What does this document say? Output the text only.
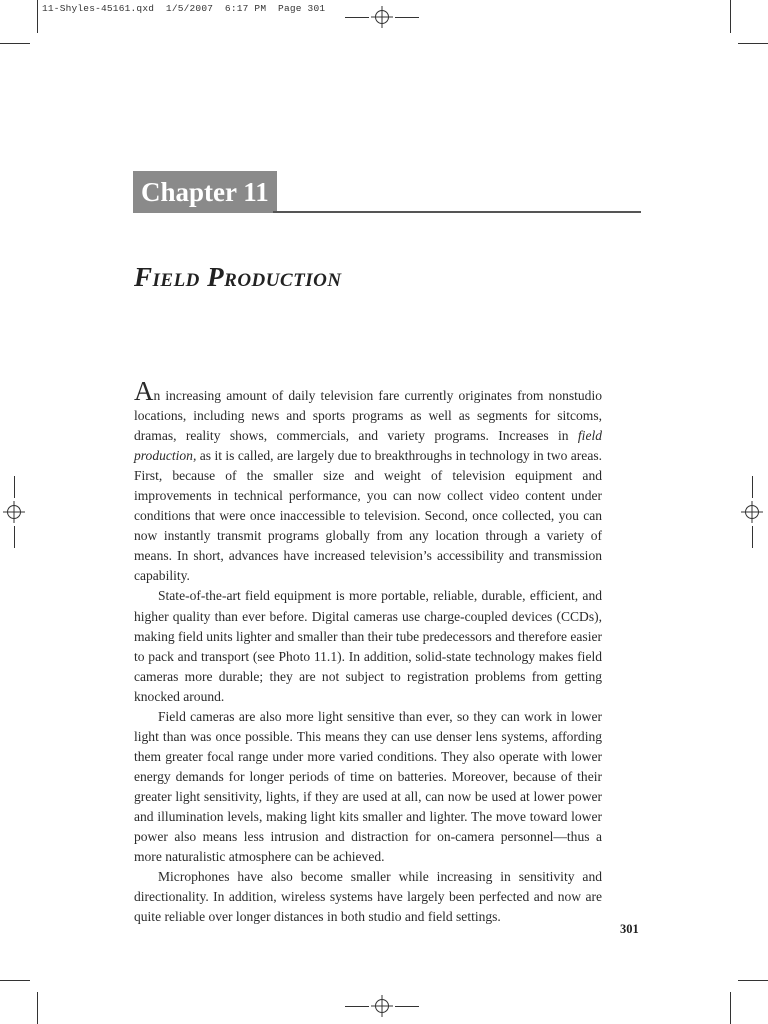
11-Shyles-45161.qxd  1/5/2007  6:17 PM  Page 301
Chapter 11
Field Production

An increasing amount of daily television fare currently originates from nonstudio locations, including news and sports programs as well as segments for sitcoms, dramas, reality shows, commercials, and variety programs. Increases in field production, as it is called, are largely due to breakthroughs in technology in two areas. First, because of the smaller size and weight of television equipment and improvements in technical performance, you can now collect video content under conditions that were once inaccessible to television. Second, once collected, you can now instantly transmit programs globally from any location through a variety of means. In short, advances have increased television’s accessibility and transmission capability.

State-of-the-art field equipment is more portable, reliable, durable, efficient, and higher quality than ever before. Digital cameras use charge-coupled devices (CCDs), making field units lighter and smaller than their tube predecessors and therefore easier to pack and transport (see Photo 11.1). In addition, solid-state technology makes field cameras more durable; they are not subject to registration problems from getting knocked around.

Field cameras are also more light sensitive than ever, so they can work in lower light than was once possible. This means they can use denser lens systems, affording them greater focal range under more varied conditions. They also operate with lower energy demands for longer periods of time on batteries. Moreover, because of their greater light sensitivity, lights, if they are used at all, can now be used at lower power and illumination levels, making light kits smaller and lighter. The move toward lower power also means less intrusion and distraction for on-camera personnel—thus a more naturalistic atmosphere can be achieved.

Microphones have also become smaller while increasing in sensitivity and directionality. In addition, wireless systems have largely been perfected and now are quite reliable over longer distances in both studio and field settings.

301
